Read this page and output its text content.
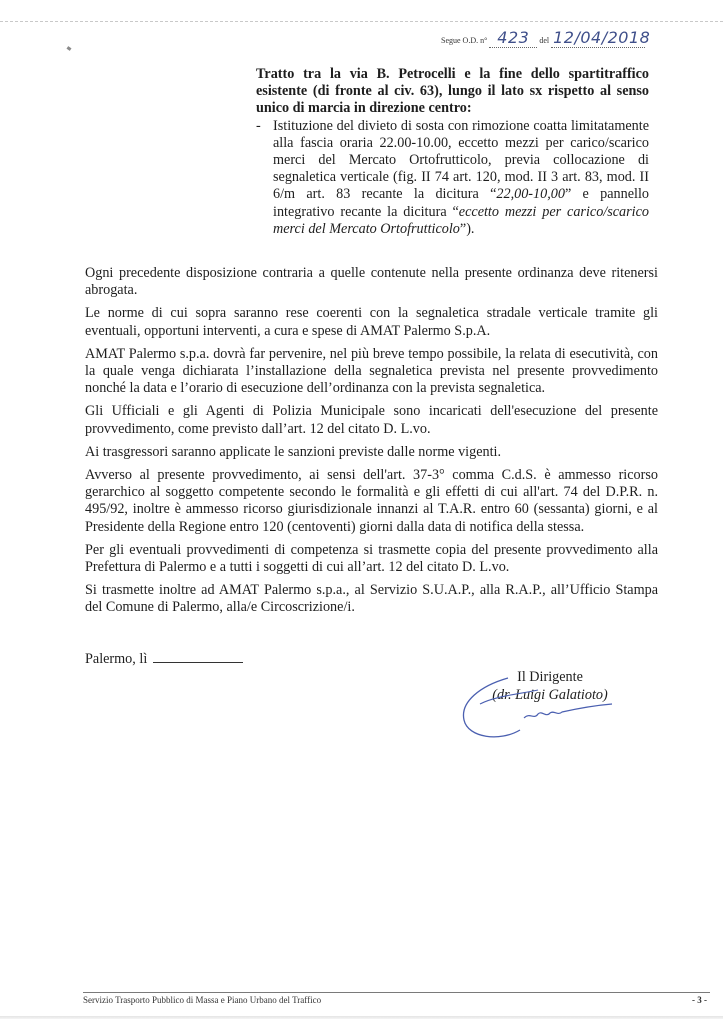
Segue O.D. n° 423 del 12/04/2018

Tratto tra la via B. Petrocelli e la fine dello spartitraffico esistente (di fronte al civ. 63), lungo il lato sx rispetto al senso unico di marcia in direzione centro:

- Istituzione del divieto di sosta con rimozione coatta limitatamente alla fascia oraria 22.00-10.00, eccetto mezzi per carico/scarico merci del Mercato Ortofrutticolo, previa collocazione di segnaletica verticale (fig. II 74 art. 120, mod. II 3 art. 83, mod. II 6/m art. 83 recante la dicitura “22,00-10,00” e pannello integrativo recante la dicitura “eccetto mezzi per carico/scarico merci del Mercato Ortofrutticolo”).

Ogni precedente disposizione contraria a quelle contenute nella presente ordinanza deve ritenersi abrogata.

Le norme di cui sopra saranno rese coerenti con la segnaletica stradale verticale tramite gli eventuali, opportuni interventi, a cura e spese di AMAT Palermo S.p.A.

AMAT Palermo s.p.a. dovrà far pervenire, nel più breve tempo possibile, la relata di esecutività, con la quale venga dichiarata l’installazione della segnaletica prevista nel presente provvedimento nonché la data e l’orario di esecuzione dell’ordinanza con la prevista segnaletica.

Gli Ufficiali e gli Agenti di Polizia Municipale sono incaricati dell'esecuzione del presente provvedimento, come previsto dall’art. 12 del citato D. L.vo.

Ai trasgressori saranno applicate le sanzioni previste dalle norme vigenti.

Avverso al presente provvedimento, ai sensi dell'art. 37-3° comma C.d.S. è ammesso ricorso gerarchico al soggetto competente secondo le formalità e gli effetti di cui all'art. 74 del D.P.R. n. 495/92, inoltre è ammesso ricorso giurisdizionale innanzi al T.A.R. entro 60 (sessanta) giorni, e al Presidente della Regione entro 120 (centoventi) giorni dalla data di notifica della stessa.

Per gli eventuali provvedimenti di competenza si trasmette copia del presente provvedimento alla Prefettura di Palermo e a tutti i soggetti di cui all’art. 12 del citato D. L.vo.

Si trasmette inoltre ad AMAT Palermo s.p.a., al Servizio S.U.A.P., alla R.A.P., all’Ufficio Stampa del Comune di Palermo, alla/e Circoscrizione/i.

Palermo, lì
Il Dirigente
(dr. Luigi Galatioto)
Servizio Trasporto Pubblico di Massa e Piano Urbano del Traffico	- 3 -
